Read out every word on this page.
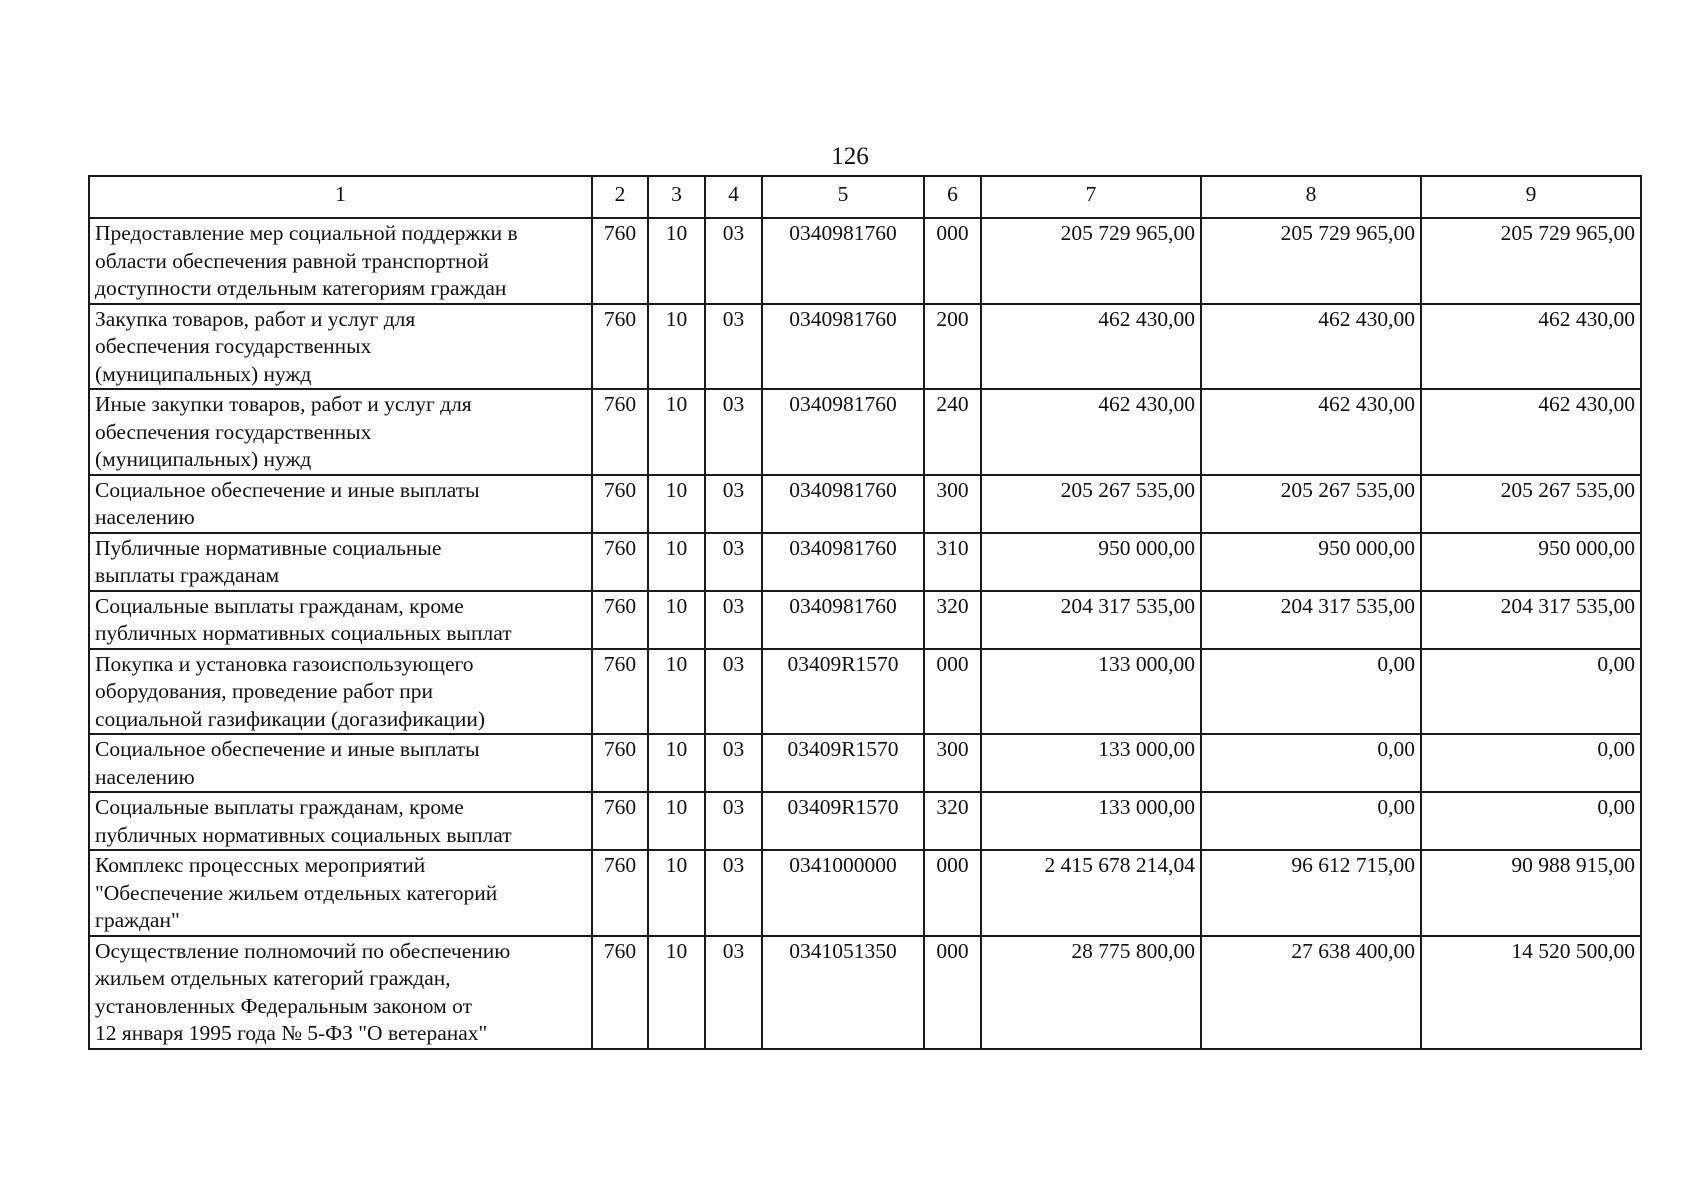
126
1	2	3	4	5	6	7	8	9

Предоставление мер социальной поддержки в
области обеспечения равной транспортной
доступности отдельным категориям граждан	760	10	03	0340981760	000	205 729 965,00	205 729 965,00	205 729 965,00

Закупка товаров, работ и услуг для
обеспечения государственных
(муниципальных) нужд	760	10	03	0340981760	200	462 430,00	462 430,00	462 430,00

Иные закупки товаров, работ и услуг для
обеспечения государственных
(муниципальных) нужд	760	10	03	0340981760	240	462 430,00	462 430,00	462 430,00

Социальное обеспечение и иные выплаты
населению	760	10	03	0340981760	300	205 267 535,00	205 267 535,00	205 267 535,00

Публичные нормативные социальные
выплаты гражданам	760	10	03	0340981760	310	950 000,00	950 000,00	950 000,00

Социальные выплаты гражданам, кроме
публичных нормативных социальных выплат	760	10	03	0340981760	320	204 317 535,00	204 317 535,00	204 317 535,00

Покупка и установка газоиспользующего
оборудования, проведение работ при
социальной газификации (догазификации)	760	10	03	03409R1570	000	133 000,00	0,00	0,00

Социальное обеспечение и иные выплаты
населению	760	10	03	03409R1570	300	133 000,00	0,00	0,00

Социальные выплаты гражданам, кроме
публичных нормативных социальных выплат	760	10	03	03409R1570	320	133 000,00	0,00	0,00

Комплекс процессных мероприятий
"Обеспечение жильем отдельных категорий
граждан"	760	10	03	0341000000	000	2 415 678 214,04	96 612 715,00	90 988 915,00

Осуществление полномочий по обеспечению
жильем отдельных категорий граждан,
установленных Федеральным законом от
12 января 1995 года № 5-ФЗ "О ветеранах"	760	10	03	0341051350	000	28 775 800,00	27 638 400,00	14 520 500,00
